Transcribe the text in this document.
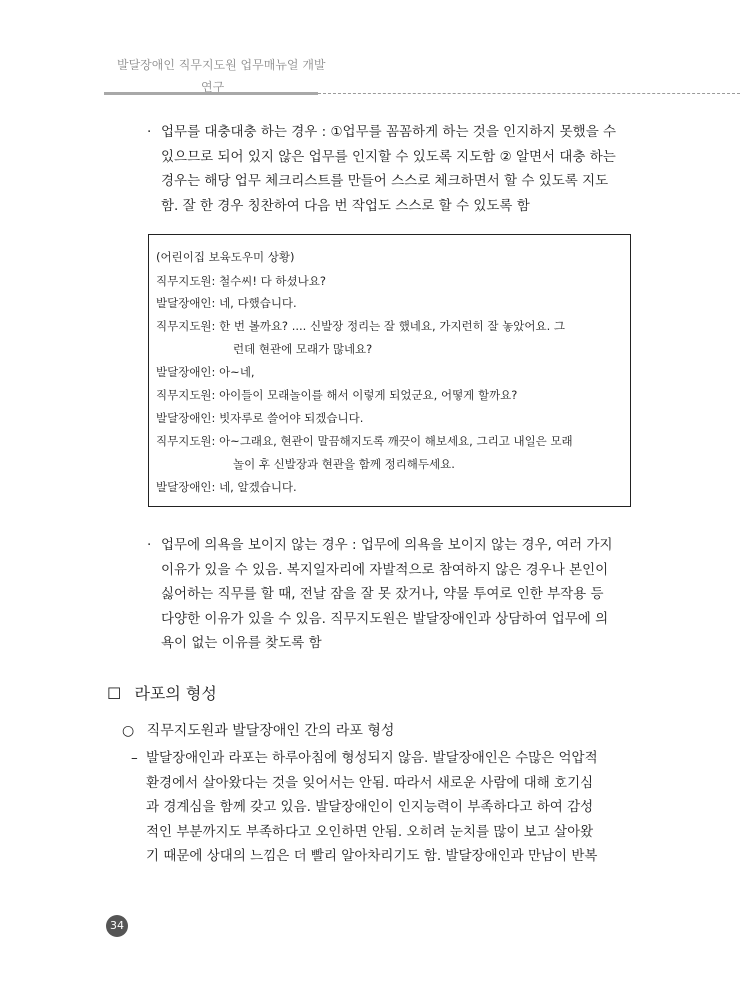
발달장애인 직무지도원 업무매뉴얼 개발
연구
· 업무를 대충대충 하는 경우 : ①업무를 꼼꼼하게 하는 것을 인지하지 못했을 수
있으므로 되어 있지 않은 업무를 인지할 수 있도록 지도함 ② 알면서 대충 하는
경우는 해당 업무 체크리스트를 만들어 스스로 체크하면서 할 수 있도록 지도
함. 잘 한 경우 칭찬하여 다음 번 작업도 스스로 할 수 있도록 함
(어린이집 보육도우미 상황)
직무지도원: 철수씨! 다 하셨나요?
발달장애인: 네, 다했습니다.
직무지도원: 한 번 볼까요? .... 신발장 정리는 잘 했네요, 가지런히 잘 놓았어요. 그
런데 현관에 모래가 많네요?
발달장애인: 아~네,
직무지도원: 아이들이 모래놀이를 해서 이렇게 되었군요, 어떻게 할까요?
발달장애인: 빗자루로 쓸어야 되겠습니다.
직무지도원: 아~그래요, 현관이 말끔해지도록 깨끗이 해보세요, 그리고 내일은 모래
놀이 후 신발장과 현관을 함께 정리해두세요.
발달장애인: 네, 알겠습니다.
· 업무에 의욕을 보이지 않는 경우 : 업무에 의욕을 보이지 않는 경우, 여러 가지
이유가 있을 수 있음. 복지일자리에 자발적으로 참여하지 않은 경우나 본인이
싫어하는 직무를 할 때, 전날 잠을 잘 못 잤거나, 약물 투여로 인한 부작용 등
다양한 이유가 있을 수 있음. 직무지도원은 발달장애인과 상담하여 업무에 의
욕이 없는 이유를 찾도록 함
☐ 라포의 형성
○ 직무지도원과 발달장애인 간의 라포 형성
– 발달장애인과 라포는 하루아침에 형성되지 않음. 발달장애인은 수많은 억압적
환경에서 살아왔다는 것을 잊어서는 안됨. 따라서 새로운 사람에 대해 호기심
과 경계심을 함께 갖고 있음. 발달장애인이 인지능력이 부족하다고 하여 감성
적인 부분까지도 부족하다고 오인하면 안됨. 오히려 눈치를 많이 보고 살아왔
기 때문에 상대의 느낌은 더 빨리 알아차리기도 함. 발달장애인과 만남이 반복
34
